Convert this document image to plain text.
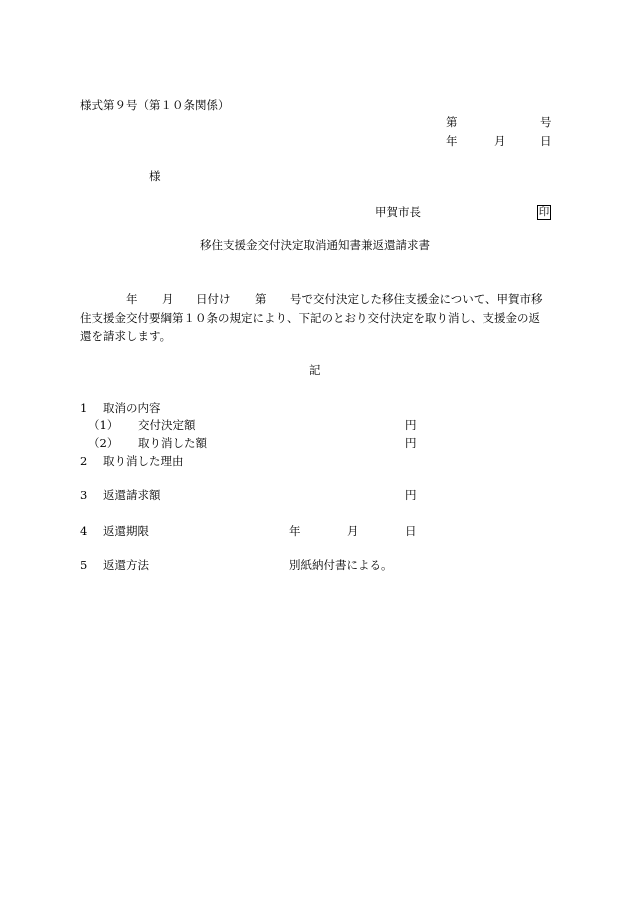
様式第９号（第１０条関係）
第	号
年	月	日
様
甲賀市長	印
移住支援金交付決定取消通知書兼返還請求書
年 月 日付け 第 号で交付決定した移住支援金について、甲賀市移
住支援金交付要綱第１０条の規定により、下記のとおり交付決定を取り消し、支援金の返
還を請求します。
記
1 取消の内容
（1） 交付決定額	円
（2） 取り消した額	円
2 取り消した理由
3 返還請求額	円
4 返還期限	年	月	日
5 返還方法	別紙納付書による。
